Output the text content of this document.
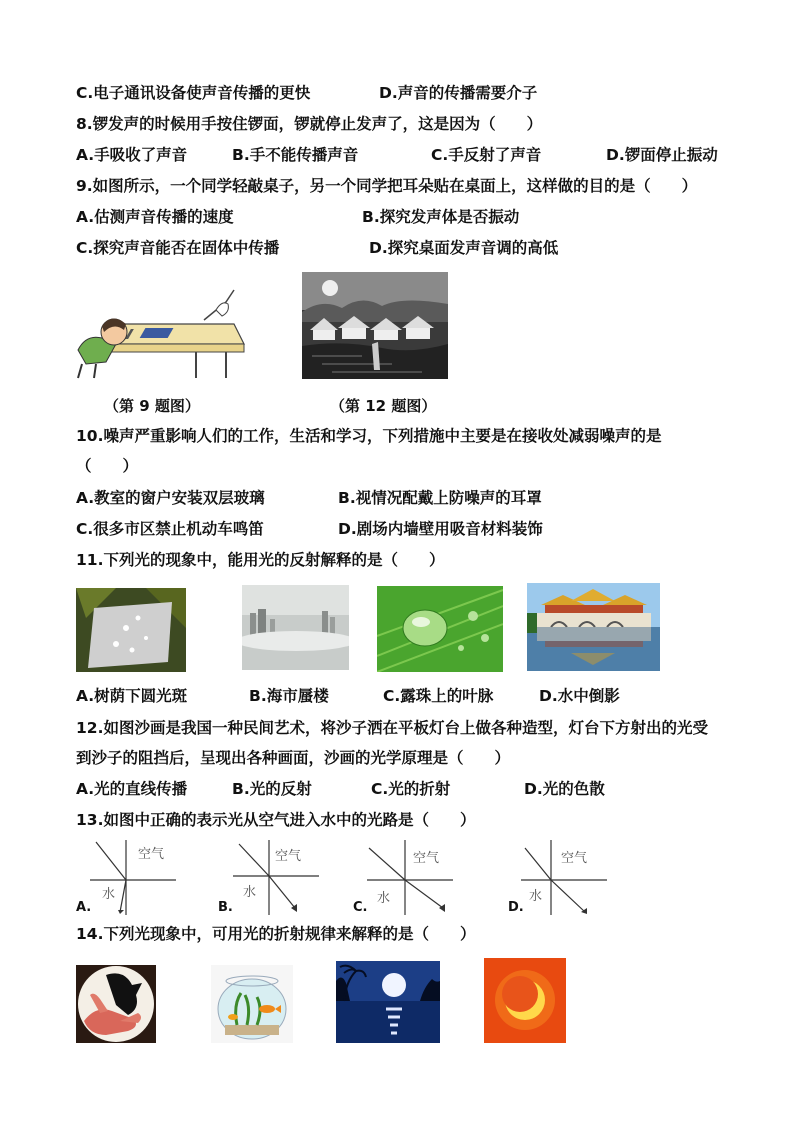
C.电子通讯设备使声音传播的更快	D.声音的传播需要介子
8.锣发声的时候用手按住锣面，锣就停止发声了，这是因为（　　）
A.手吸收了声音	B.手不能传播声音	C.手反射了声音	D.锣面停止振动
9.如图所示，一个同学轻敲桌子，另一个同学把耳朵贴在桌面上，这样做的目的是（　　）
A.估测声音传播的速度	B.探究发声体是否振动
C.探究声音能否在固体中传播	D.探究桌面发声音调的高低
（第 9 题图）	（第 12 题图）
10.噪声严重影响人们的工作，生活和学习，下列措施中主要是在接收处减弱噪声的是
（　　）
A.教室的窗户安装双层玻璃	B.视情况配戴上防噪声的耳罩
C.很多市区禁止机动车鸣笛	D.剧场内墙壁用吸音材料装饰
11.下列光的现象中，能用光的反射解释的是（　　）
A.树荫下圆光斑	B.海市蜃楼	C.露珠上的叶脉	D.水中倒影
12.如图沙画是我国一种民间艺术，将沙子洒在平板灯台上做各种造型，灯台下方射出的光受
到沙子的阻挡后，呈现出各种画面，沙画的光学原理是（　　）
A.光的直线传播	B.光的反射	C.光的折射	D.光的色散
13.如图中正确的表示光从空气进入水中的光路是（　　）
空气
水
空气
水
空气
水
空气
水
A.	B.	C.	D.
14.下列光现象中，可用光的折射规律来解释的是（　　）
